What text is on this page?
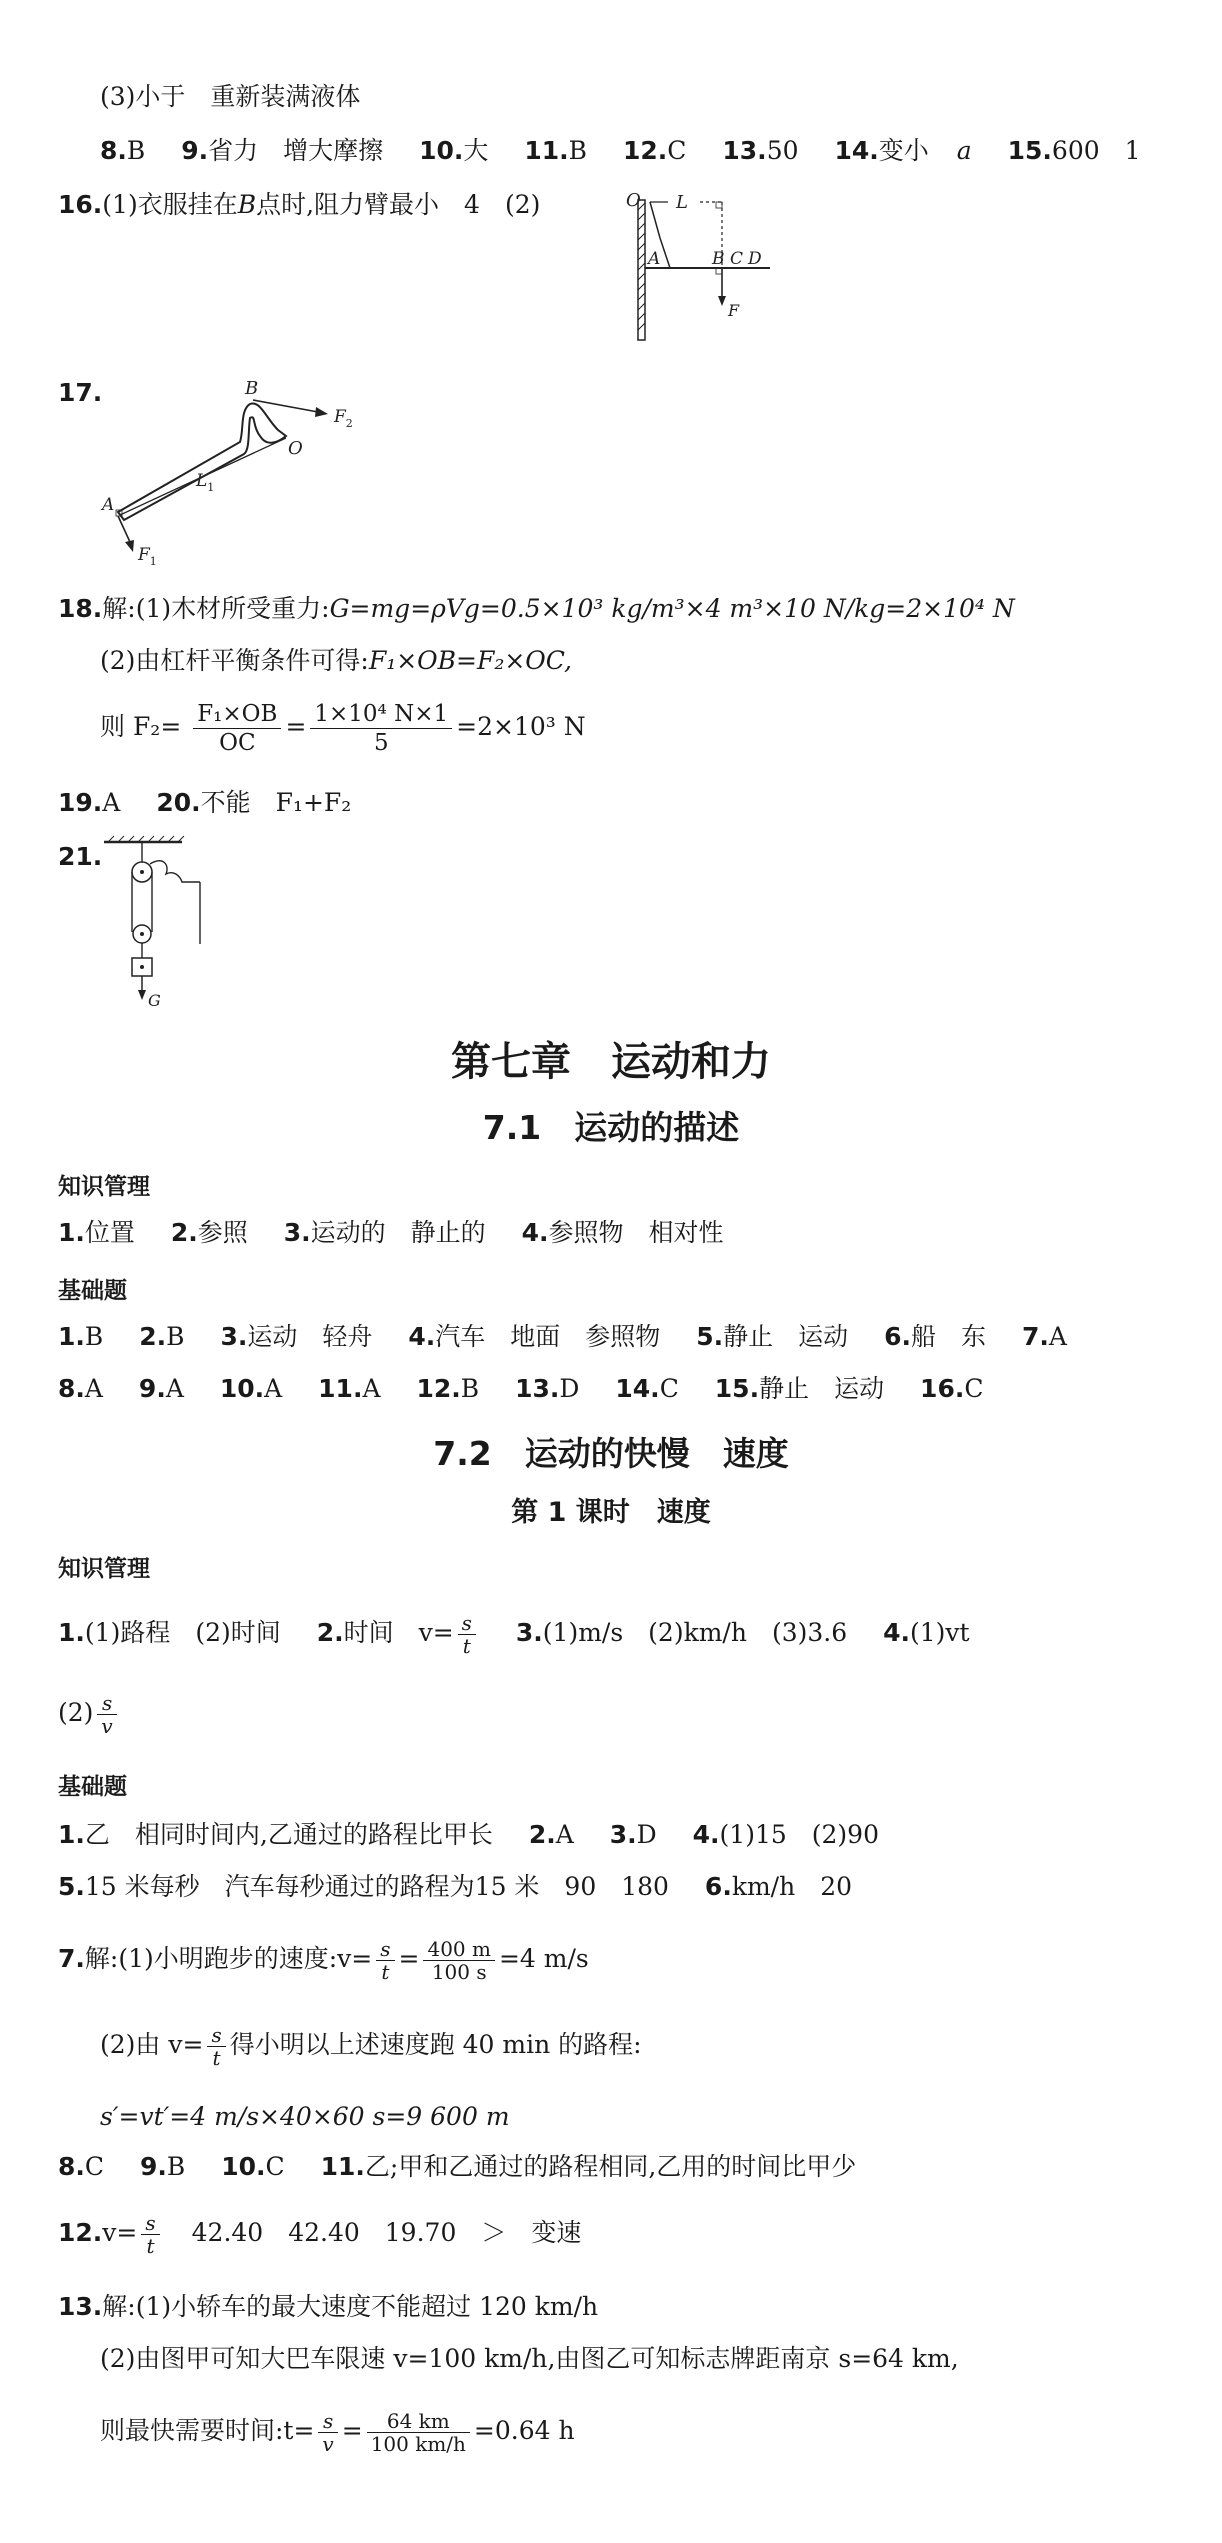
(3)小于　重新装满液体
8.B 9.省力　增大摩擦 10.大 11.B 12.C 13.50 14.变小 a 15.600　1
16.(1)衣服挂在B点时,阻力臂最小　4　(2)	O L
A	B C D
F
17.	B
O
$F_2$
$L_1$
A
$F_1$
18.解:(1)木材所受重力:G=mg=ρVg=0.5×10³ kg/m³×4 m³×10 N/kg=2×10⁴ N
(2)由杠杆平衡条件可得:F₁×OB=F₂×OC,
则 $F_2= \frac{\text{F₁×OB}}{OC} = \frac{\text{1×10⁴ N×1}}{5} =2\times 10^3$ N
19.A 20.不能　F₁+F₂
21.
G
第七章　运动和力
7.1　运动的描述
知识管理
1.位置 2.参照 3.运动的　静止的 4.参照物　相对性
基础题
1.B 2.B 3.运动　轻舟 4.汽车　地面　参照物 5.静止　运动 6.船　东 7.A
8.A 9.A 10.A 11.A 12.B 13.D 14.C 15.静止　运动 16.C
7.2　运动的快慢　速度
第 1 课时　速度
知识管理
1.(1)路程　(2)时间 2.时间　$v= \frac{s}{t} 3.(1)m/s$　(2)km/h　(3)3.6 4.(1)vt
$(2) \frac{s}{v}$
基础题
1.乙　相同时间内,乙通过的路程比甲长 2.A 3.D 4.(1)15　(2)90
5.15 米每秒　汽车每秒通过的路程为15 米　90　180 6.km/h　20
7.解:(1)小明跑步的速度:v= $\frac{s}{t} = \frac{400 m}{100 s} =4$ m/s
(2)由 $v= \frac{s}{t}$ 得小明以上述速度跑 40 min 的路程:
s′=vt′=4 m/s×40×60 s=9 600 m
8.C 9.B 10.C 11.乙;甲和乙通过的路程相同,乙用的时间比甲少
$12.v= \frac{s}{t} 42.40$　42.40　19.70　＞　变速
13.解:(1)小轿车的最大速度不能超过 120 km/h
(2)由图甲可知大巴车限速 v=100 km/h,由图乙可知标志牌距南京 s=64 km,
则最快需要时间:t= $\frac{s}{v} = \frac{64 km}{100 km/h} =0.64$ h
